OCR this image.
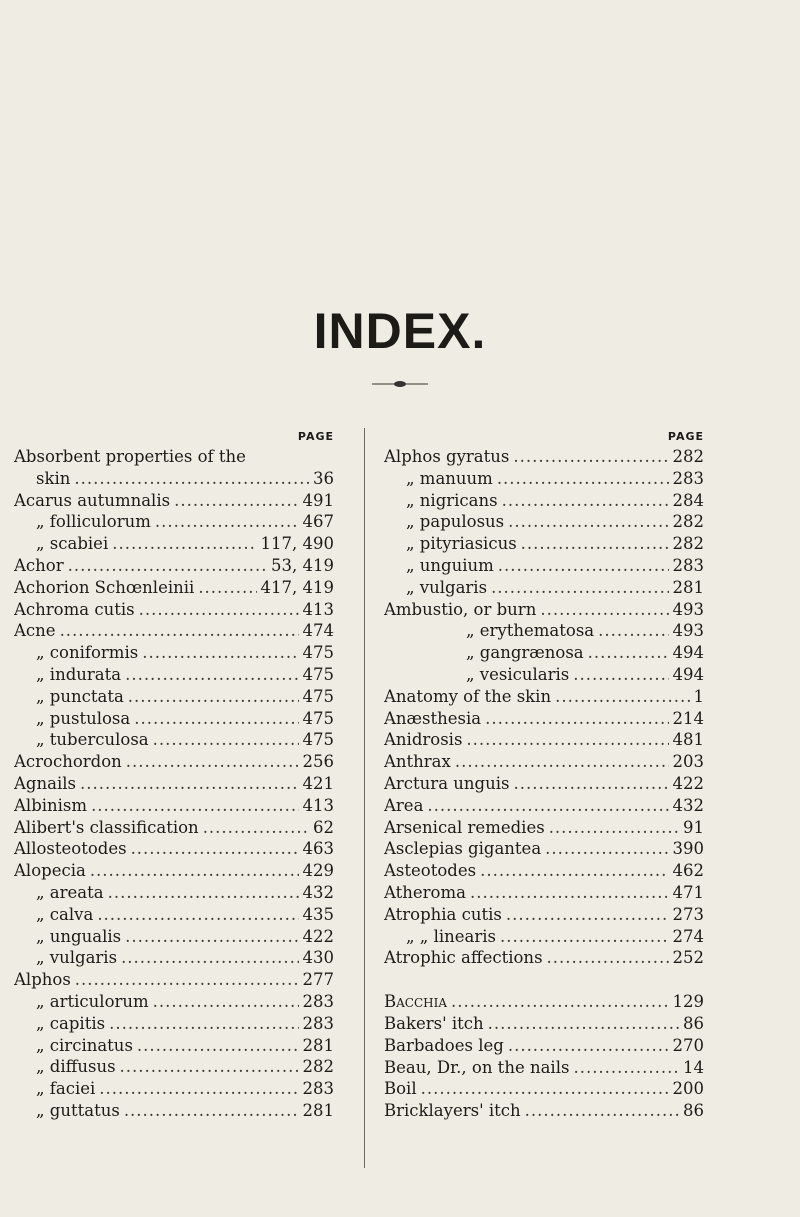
INDEX.
PAGE
Absorbent properties of the
skin .....	36
Acarus autumnalis .....	491
„ folliculorum .....	467
„ scabiei .....	117, 490
Achor .....	53, 419
Achorion Schœnleinii .....	417, 419
Achroma cutis .....	413
Acne .....	474
„ coniformis .....	475
„ indurata .....	475
„ punctata .....	475
„ pustulosa .....	475
„ tuberculosa .....	475
Acrochordon .....	256
Agnails .....	421
Albinism .....	413
Alibert's classification .....	62
Allosteotodes .....	463
Alopecia .....	429
„ areata .....	432
„ calva .....	435
„ ungualis .....	422
„ vulgaris .....	430
Alphos .....	277
„ articulorum .....	283
„ capitis .....	283
„ circinatus .....	281
„ diffusus .....	282
„ faciei .....	283
„ guttatus .....	281
PAGE
Alphos gyratus .....	282
„ manuum .....	283
„ nigricans .....	284
„ papulosus .....	282
„ pityriasicus .....	282
„ unguium .....	283
„ vulgaris .....	281
Ambustio, or burn .....	493
„ erythematosa .....	493
„ gangrænosa .....	494
„ vesicularis .....	494
Anatomy of the skin .....	1
Anæsthesia .....	214
Anidrosis .....	481
Anthrax .....	203
Arctura unguis .....	422
Area .....	432
Arsenical remedies .....	91
Asclepias gigantea .....	390
Asteotodes .....	462
Atheroma .....	471
Atrophia cutis .....	273
„ „ linearis .....	274
Atrophic affections .....	252
Bacchia .....	129
Bakers' itch .....	86
Barbadoes leg .....	270
Beau, Dr., on the nails .....	14
Boil .....	200
Bricklayers' itch .....	86
